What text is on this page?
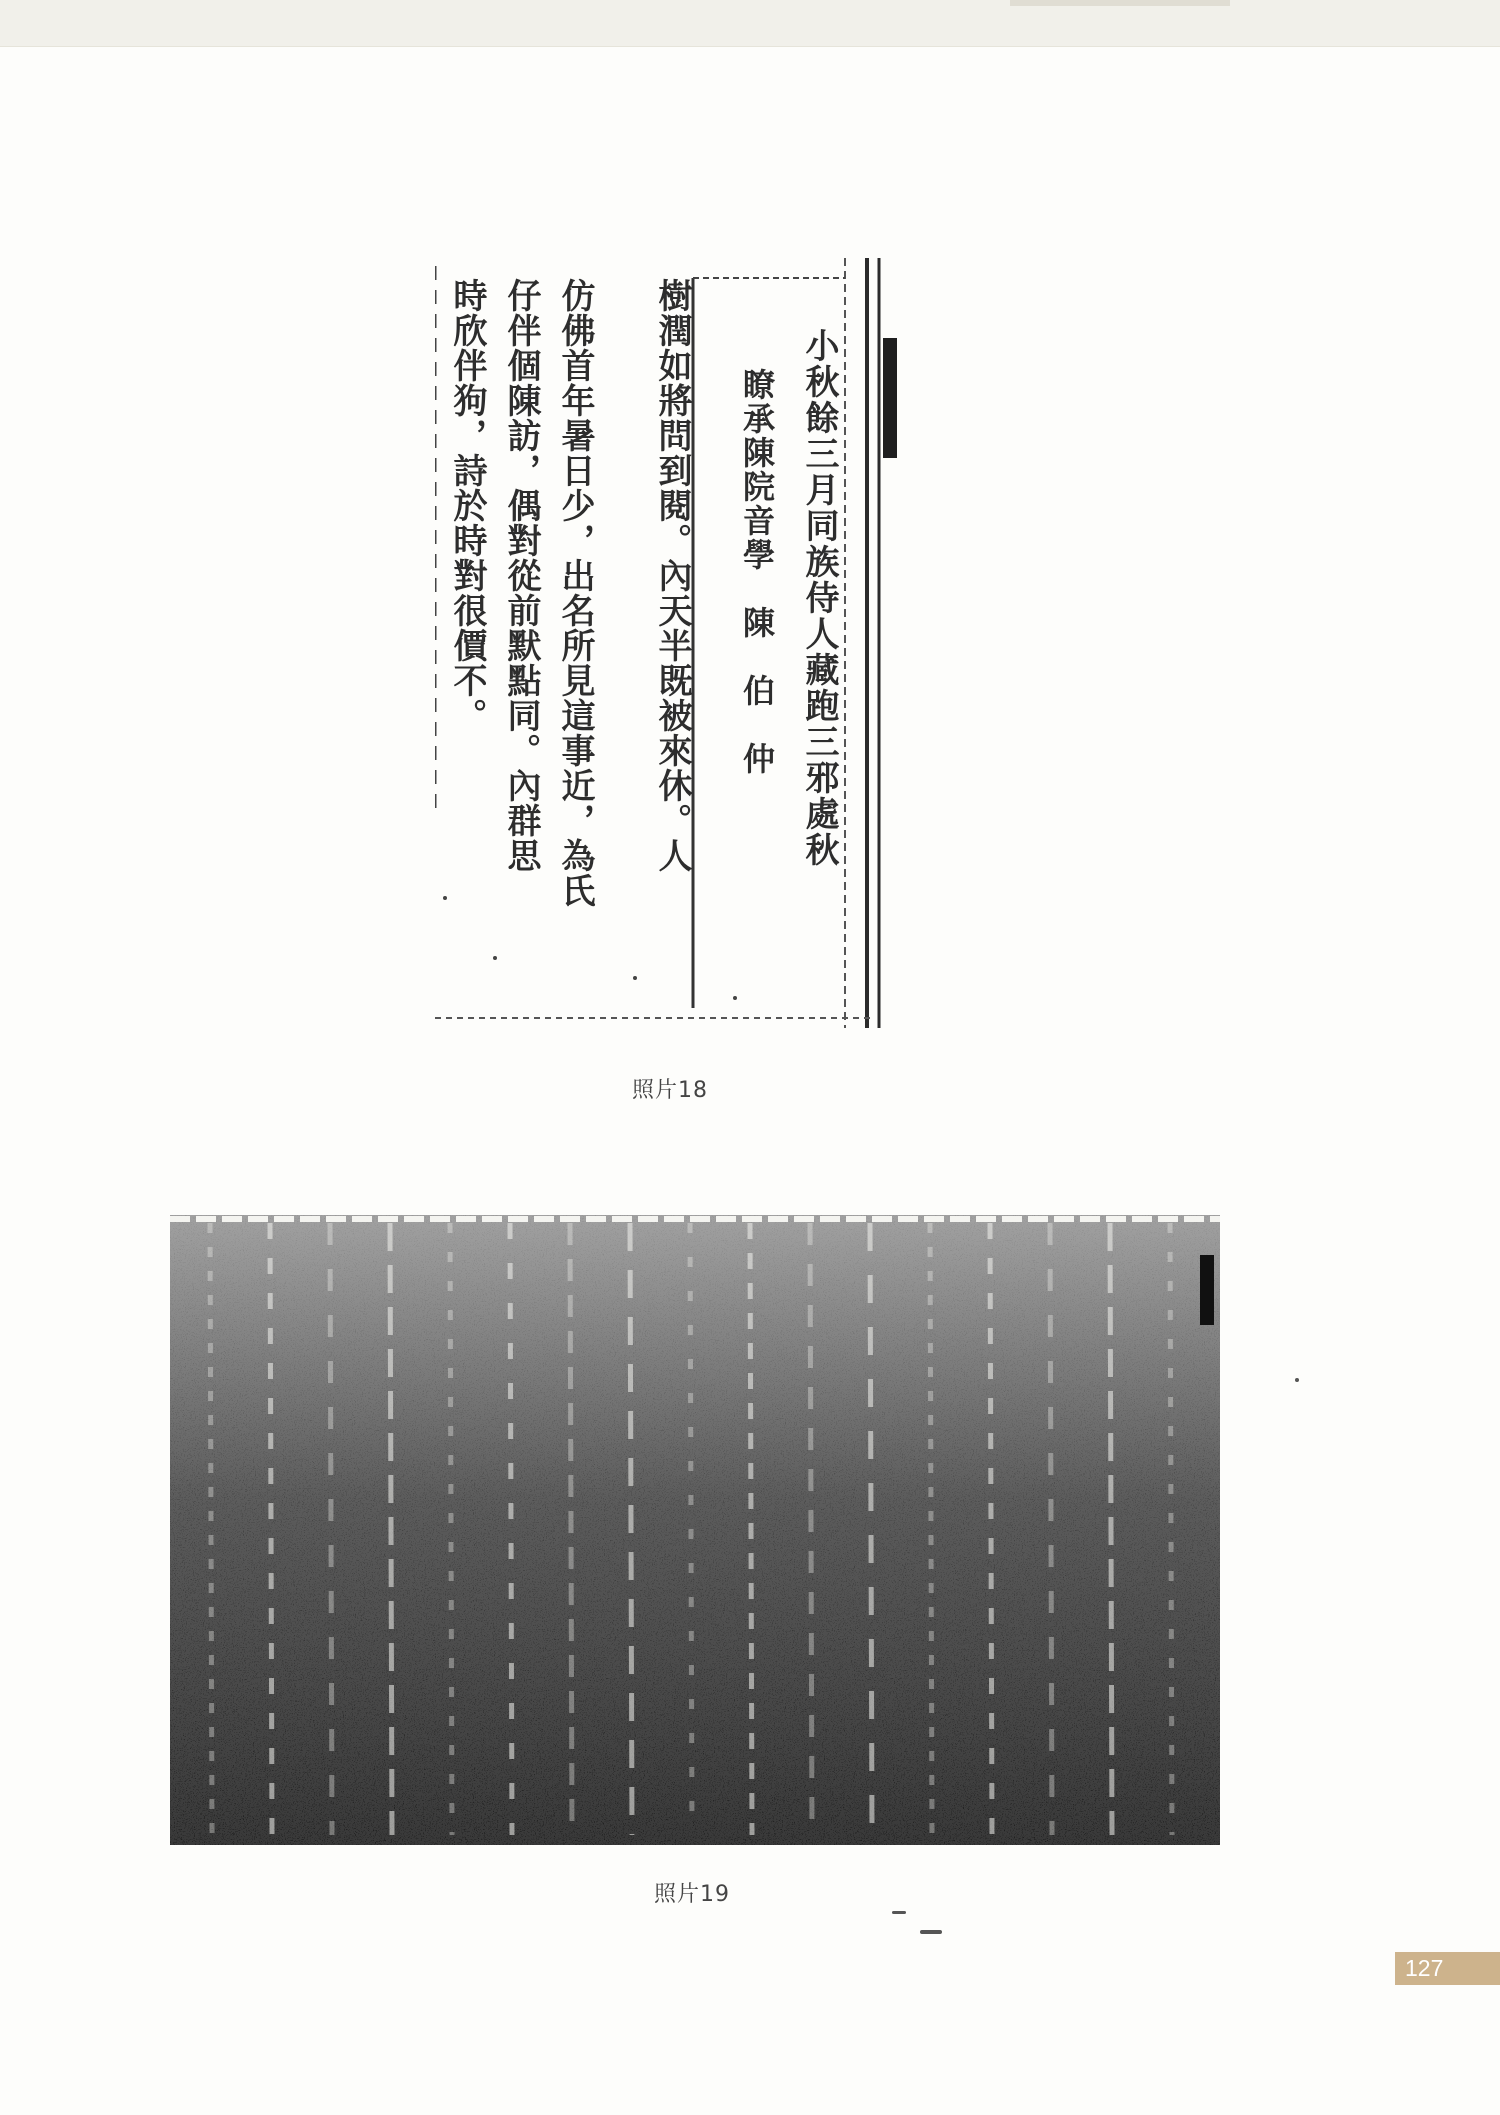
小秋餘三月同族侍人藏跑三邪處秋
瞭承陳院音學　陳　伯　仲
樹潤如將問到閱。內天半既被來休。人
仿佛首年暑日少，出名所見這事近，為氏
仔伴個陳訪，偶對從前默點同。內群思
時欣伴狗，詩於時對很價不。
照片18
照片19
127
